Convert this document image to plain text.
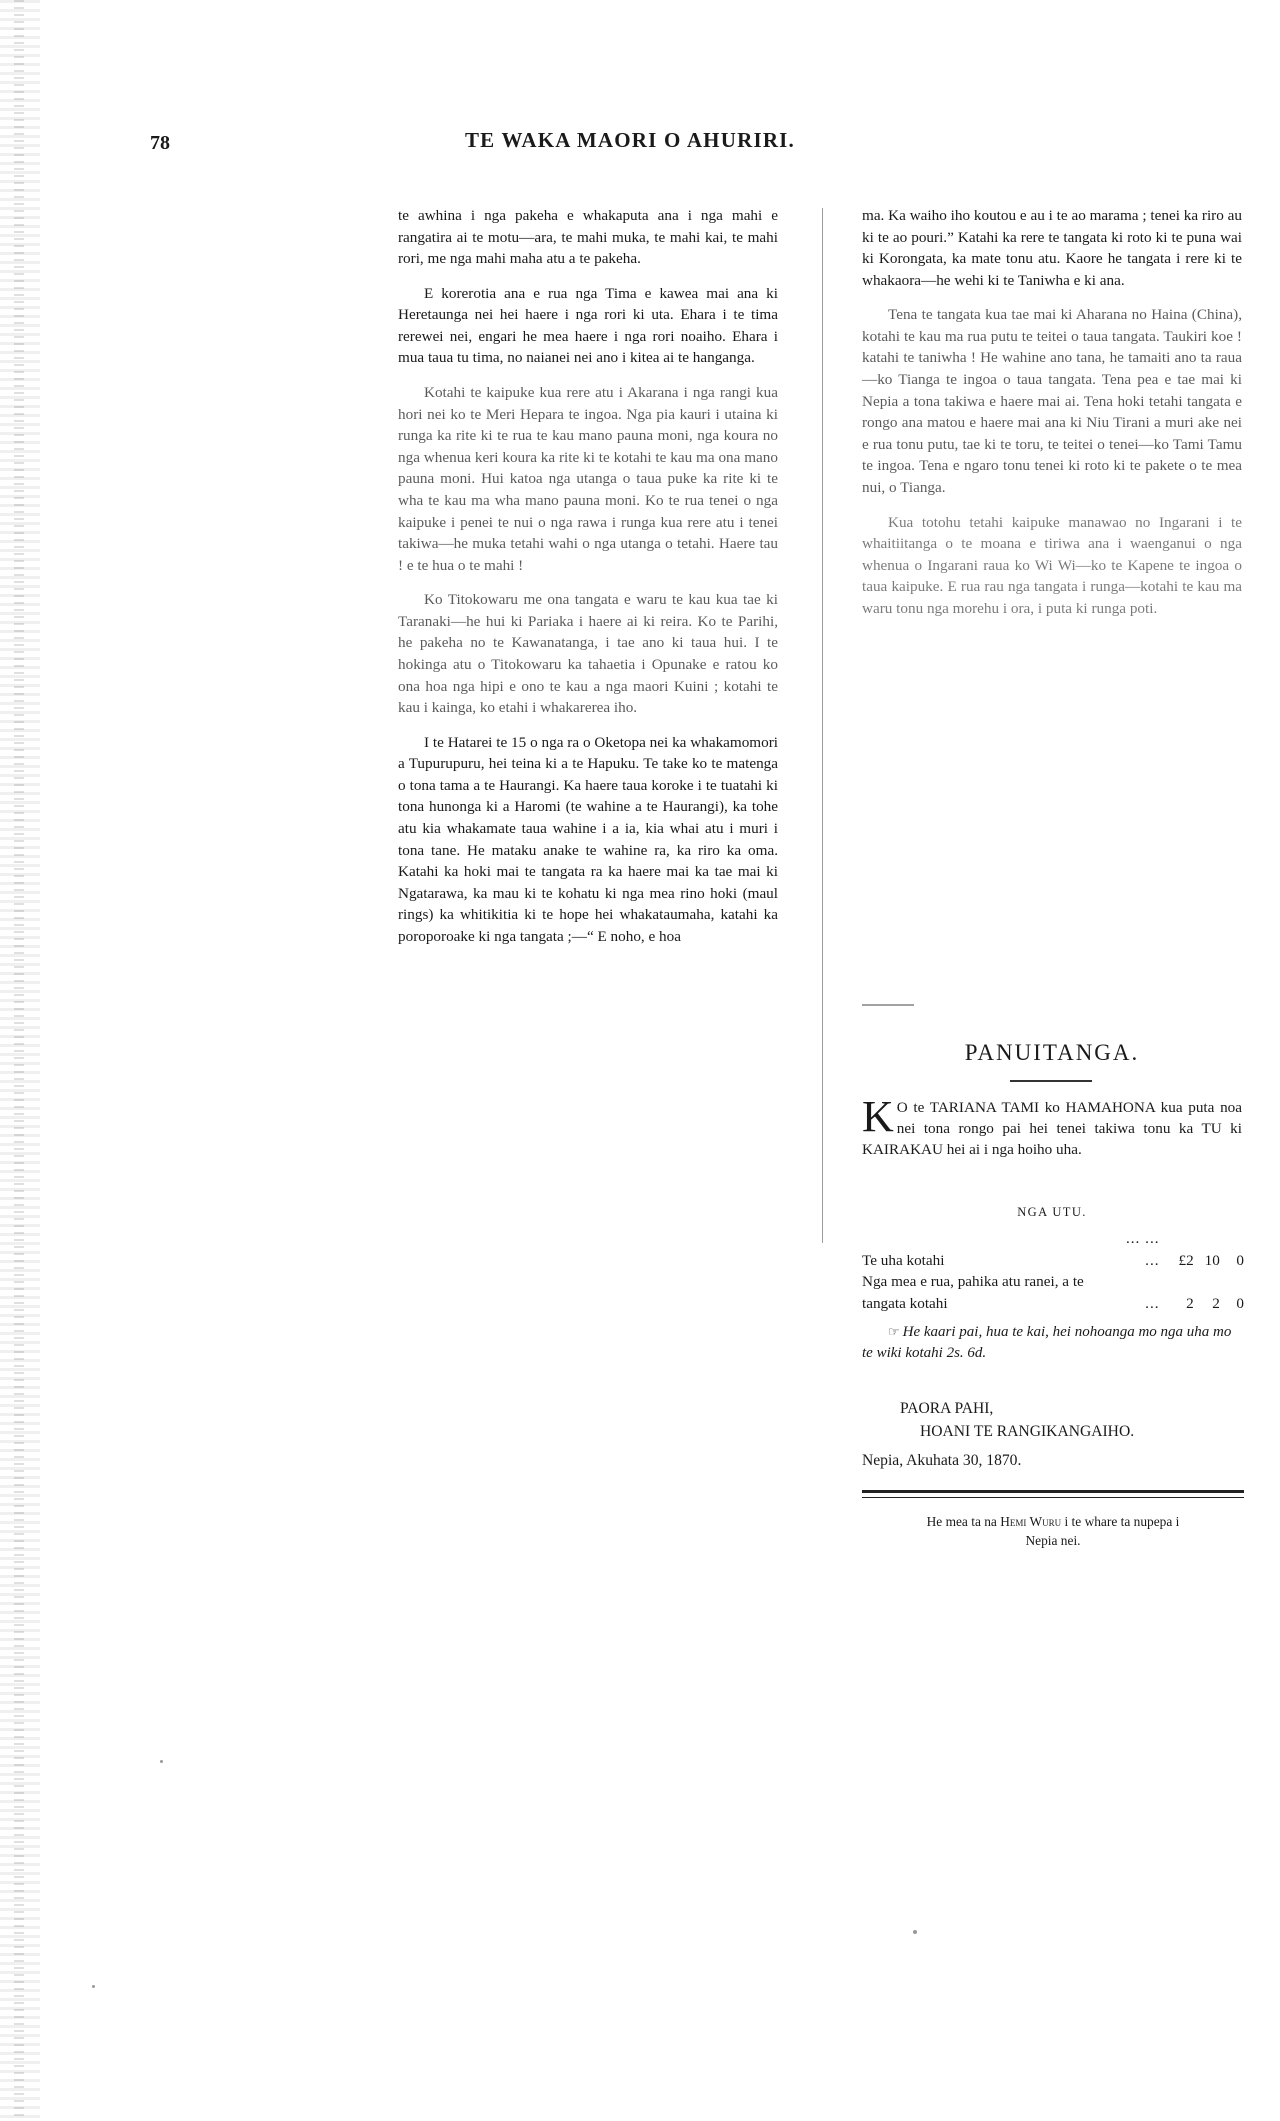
78	TE WAKA MAORI O AHURIRI.

te awhina i nga pakeha e whakaputa ana i nga mahi e rangatira ai te motu—ara, te mahi muka, te mahi kai, te mahi rori, me nga mahi maha atu a te pakeha.

E korerotia ana e rua nga Tima e kawea mai ana ki Heretaunga nei hei haere i nga rori ki uta. Ehara i te tima rerewei nei, engari he mea haere i nga rori noaiho. Ehara i mua taua tu tima, no naianei nei ano i kitea ai te hanganga.

Kotahi te kaipuke kua rere atu i Akarana i nga rangi kua hori nei ko te Meri Hepara te ingoa. Nga pia kauri i utaina ki runga ka rite ki te rua te kau mano pauna moni, nga koura no nga whenua keri koura ka rite ki te kotahi te kau ma ona mano pauna moni. Hui katoa nga utanga o taua puke ka rite ki te wha te kau ma wha mano pauna moni. Ko te rua tenei o nga kaipuke i penei te nui o nga rawa i runga kua rere atu i tenei takiwa—he muka tetahi wahi o nga utanga o tetahi. Haere tau ! e te hua o te mahi !

Ko Titokowaru me ona tangata e waru te kau kua tae ki Taranaki—he hui ki Pariaka i haere ai ki reira. Ko te Parihi, he pakeha no te Kawanatanga, i tae ano ki taua hui. I te hokinga atu o Titokowaru ka tahaetia i Opunake e ratou ko ona hoa nga hipi e ono te kau a nga maori Kuini ; kotahi te kau i kainga, ko etahi i whakarerea iho.

I te Hatarei te 15 o nga ra o Oketopa nei ka whakamomori a Tupurupuru, hei teina ki a te Hapuku. Te take ko te matenga o tona tama a te Haurangi. Ka haere taua koroke i te tuatahi ki tona hunonga ki a Haromi (te wahine a te Haurangi), ka tohe atu kia whakamate taua wahine i a ia, kia whai atu i muri i tona tane. He mataku anake te wahine ra, ka riro ka oma. Katahi ka hoki mai te tangata ra ka haere mai ka tae mai ki Ngatarawa, ka mau ki te kohatu ki nga mea rino hoki (maul rings) ka whitikitia ki te hope hei whakataumaha, katahi ka poroporoake ki nga tangata ;—“ E noho, e hoa

ma. Ka waiho iho koutou e au i te ao marama ; tenei ka riro au ki te ao pouri.” Katahi ka rere te tangata ki roto ki te puna wai ki Korongata, ka mate tonu atu. Kaore he tangata i rere ki te whakaora—he wehi ki te Taniwha e ki ana.

Tena te tangata kua tae mai ki Aharana no Haina (China), kotahi te kau ma rua putu te teitei o taua tangata. Taukiri koe ! katahi te taniwha ! He wahine ano tana, he tamaiti ano ta raua—ko Tianga te ingoa o taua tangata. Tena pea e tae mai ki Nepia a tona takiwa e haere mai ai. Tena hoki tetahi tangata e rongo ana matou e haere mai ana ki Niu Tirani a muri ake nei e rua tonu putu, tae ki te toru, te teitei o tenei—ko Tami Tamu te ingoa. Tena e ngaro tonu tenei ki roto ki te pakete o te mea nui, o Tianga.

Kua totohu tetahi kaipuke manawao no Ingarani i te whaitiitanga o te moana e tiriwa ana i waenganui o nga whenua o Ingarani raua ko Wi Wi—ko te Kapene te ingoa o taua kaipuke. E rua rau nga tangata i runga—kotahi te kau ma waru tonu nga morehu i ora, i puta ki runga poti.

PANUITANGA.
K O te TARIANA TAMI ko HAMAHONA kua puta noa nei tona rongo pai hei tenei takiwa tonu ka TU ki KAIRAKAU hei ai i nga hoiho uha.
NGA UTU.
Te uha kotahi	... ... ...	£2	10	0
Nga mea e rua, pahika atu ranei, a te tangata kotahi	...	2	2	0
☞ He kaari pai, hua te kai, hei nohoanga mo nga uha mo te wiki kotahi 2s. 6d.
PAORA PAHI,
HOANI TE RANGIKANGAIHO.
Nepia, Akuhata 30, 1870.
He mea ta na Hemi Wuru i te whare ta nupepa i
Nepia nei.
